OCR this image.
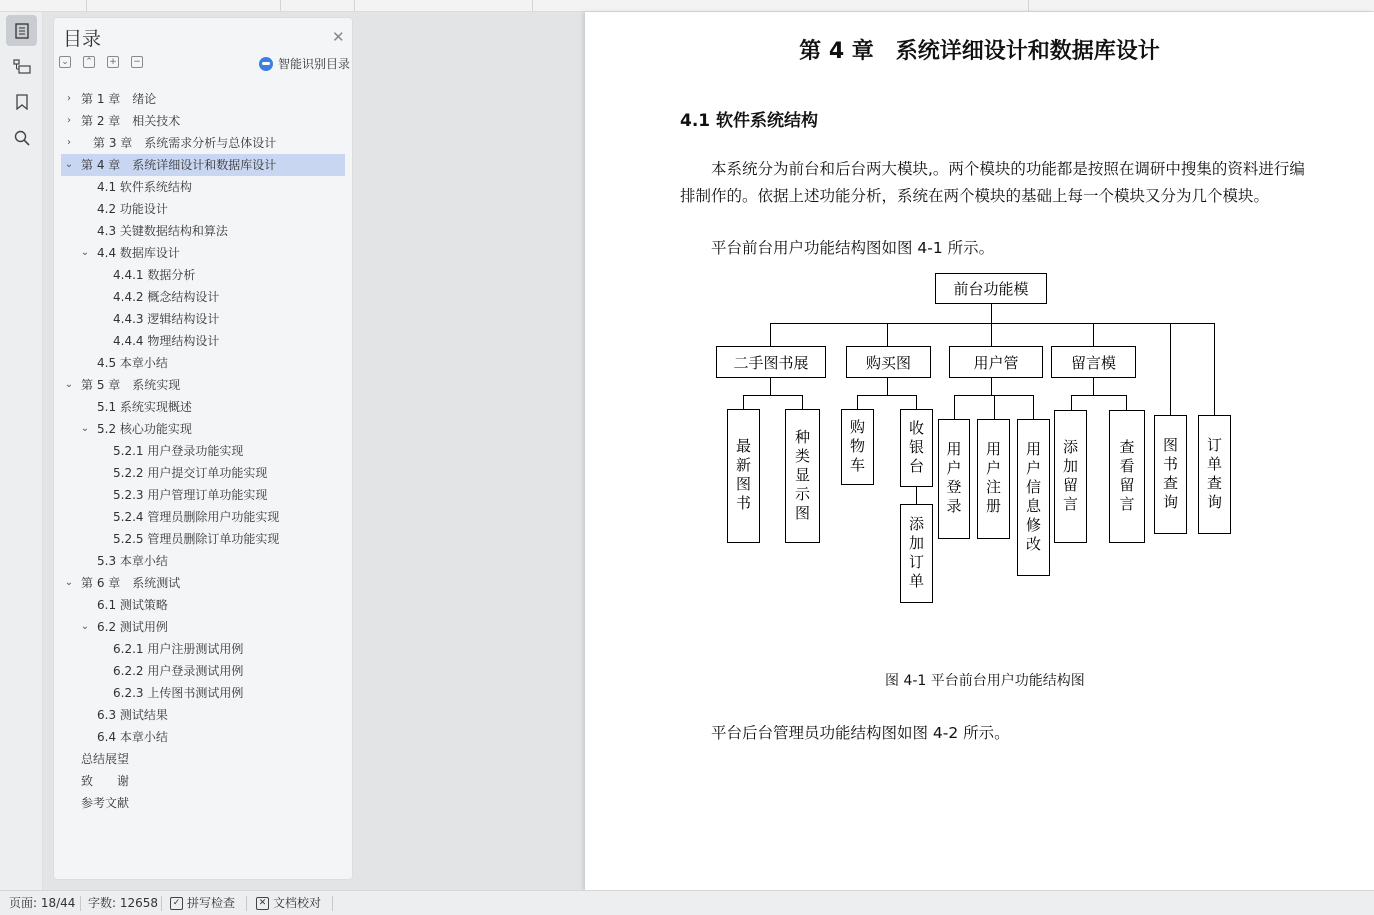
目录	✕
⌄ ⌃ + −	智能识别目录
› 第 1 章　绪论
› 第 2 章　相关技术
›	第 3 章　系统需求分析与总体设计
⌄ 第 4 章　系统详细设计和数据库设计
4.1 软件系统结构
4.2 功能设计
4.3 关键数据结构和算法
⌄ 4.4 数据库设计
4.4.1 数据分析
4.4.2 概念结构设计
4.4.3 逻辑结构设计
4.4.4 物理结构设计
4.5 本章小结
⌄ 第 5 章　系统实现
5.1 系统实现概述
⌄ 5.2 核心功能实现
5.2.1 用户登录功能实现
5.2.2 用户提交订单功能实现
5.2.3 用户管理订单功能实现
5.2.4 管理员删除用户功能实现
5.2.5 管理员删除订单功能实现
5.3 本章小结
⌄ 第 6 章　系统测试
6.1 测试策略
⌄ 6.2 测试用例
6.2.1 用户注册测试用例
6.2.2 用户登录测试用例
6.2.3 上传图书测试用例
6.3 测试结果
6.4 本章小结
总结展望
致　　谢
参考文献
第 4 章　系统详细设计和数据库设计
4.1 软件系统结构
本系统分为前台和后台两大模块,。两个模块的功能都是按照在调研中搜集的资料进行编排制作的。依据上述功能分析，系统在两个模块的基础上每一个模块又分为几个模块。
平台前台用户功能结构图如图 4-1 所示。
前台功能模
二手图书展	购买图	用户管	留言模
最新图书	种类显示图	购物车	收银台
添加订单
用户登录	用户注册	用户信息修改	添加留言	查看留言	图书查询	订单查询
图 4-1 平台前台用户功能结构图
平台后台管理员功能结构图如图 4-2 所示。
页面: 18/44 字数: 12658	✓ 拼写检查	✕ 文档校对
